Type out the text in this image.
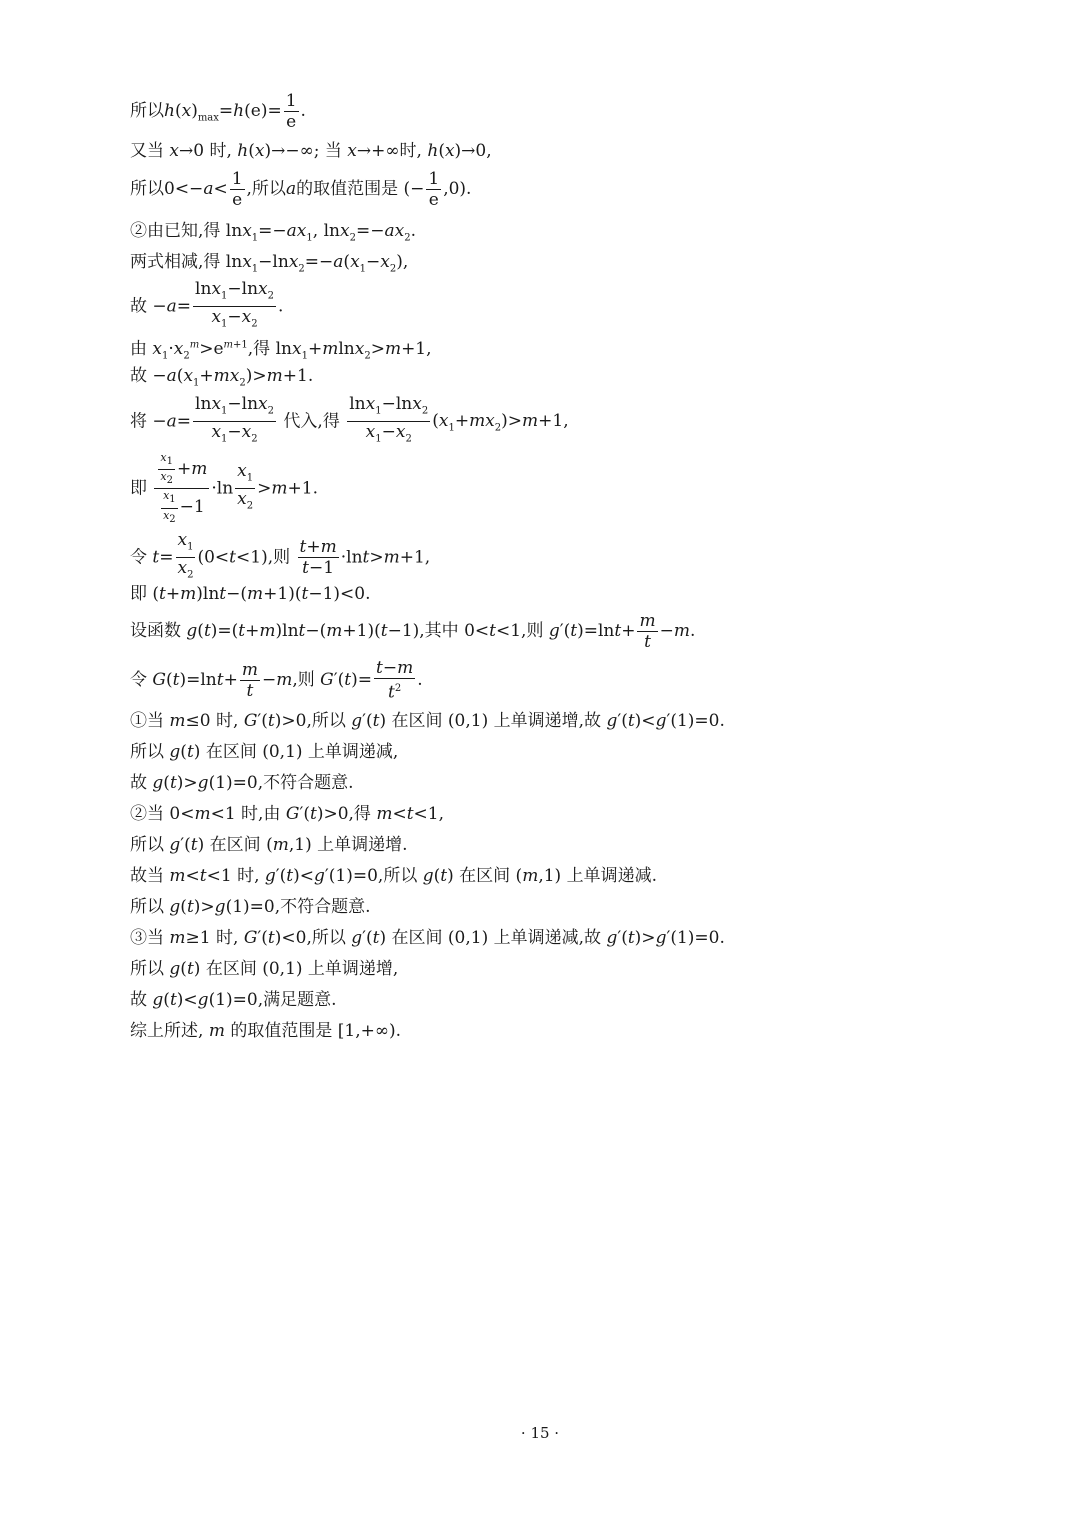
所以$h(x)_{max}=h(e)= \frac{1}{e}$ .
又当 x→0 时, h(x)→−∞; 当 x→+∞时, h(x)→0,
所以$0<-a< \frac{1}{e}$ ,所以a的取值范围是 (− $\frac{1}{e} ,0$).
②由已知,得 $\ln x_1=-ax_1$, $\ln x_2=-ax_2$.
两式相减,得 $\ln x_1-\ln x_2=-a(x_1-x_2)$,
故 $-a= \frac{\ln x_1-\ln x_2}{x_1-x_2}$ .
由 $x_1\cdot x_2^m>e^{m+1}$,得 lnx$_1$+mlnx$_2$>m+1,
故 $-a(x_1+mx_2)>m+1$.
将 $-a= \frac{\ln x_1-\ln x_2}{x_1-x_2}$ 代入,得 $\frac{\ln x_1-\ln x_2}{x_1-x_2} (x_1+mx_2)>m+1$,
即 $\frac{\frac{x_1}{x_2} +m}{\frac{x_1}{x_2} -1} \cdot\ln \frac{x_1}{x_2} >m+1$.
令 $t= \frac{x_1}{x_2} (0<t<1)$,则 $\frac{t+m}{t-1} \cdot\ln t>m+1$,
即 (t+m)lnt−(m+1)(t−1)<0.
设函数 g(t)=(t+m)lnt−(m+1)(t−1),其中 0<t<1,则 $g'(t)=\ln t+ \frac{m}{t} -m$.
令 $G(t)=\ln t+ \frac{m}{t} -m$,则 $G'(t)= \frac{t-m}{t^2}$ .
①当 m≤0 时, G′(t)>0,所以 g′(t) 在区间 (0,1) 上单调递增,故 g′(t)<g′(1)=0.
所以 g(t) 在区间 (0,1) 上单调递减,
故 g(t)>g(1)=0,不符合题意.
②当 0<m<1 时,由 G′(t)>0,得 m<t<1,
所以 g′(t) 在区间 (m,1) 上单调递增.
故当 m<t<1 时, g′(t)<g′(1)=0,所以 g(t) 在区间 (m,1) 上单调递减.
所以 g(t)>g(1)=0,不符合题意.
③当 m≥1 时, G′(t)<0,所以 g′(t) 在区间 (0,1) 上单调递减,故 g′(t)>g′(1)=0.
所以 g(t) 在区间 (0,1) 上单调递增,
故 g(t)<g(1)=0,满足题意.
综上所述, m 的取值范围是 [1,+∞).
· 15 ·
